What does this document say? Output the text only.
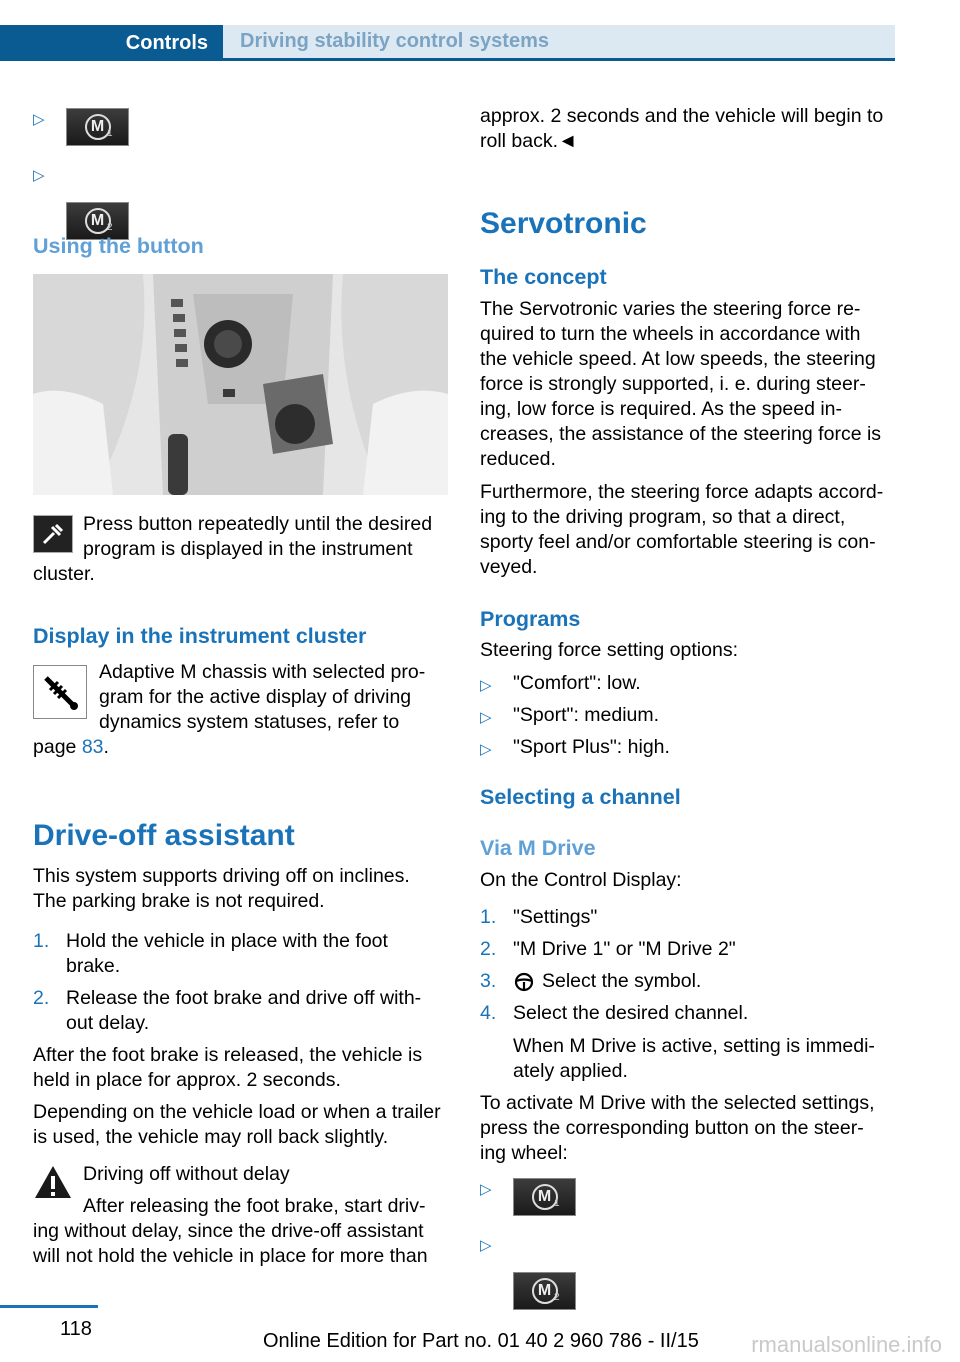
Controls	Driving stability control systems
▷	M 1
▷
M 2

Using the button

Press button repeatedly until the desired

program is displayed in the instrument

cluster.

Display in the instrument cluster

Adaptive M chassis with selected pro‐

gram for the active display of driving

dynamics system statuses, refer to

page 83.

Drive-off assistant

This system supports driving off on inclines.

The parking brake is not required.

1. Hold the vehicle in place with the foot

brake.

2. Release the foot brake and drive off with‐

out delay.

After the foot brake is released, the vehicle is

held in place for approx. 2 seconds.

Depending on the vehicle load or when a trailer

is used, the vehicle may roll back slightly.

Driving off without delay

After releasing the foot brake, start driv‐

ing without delay, since the drive-off assistant

will not hold the vehicle in place for more than

approx. 2 seconds and the vehicle will begin to

roll back.◄

Servotronic

The concept

The Servotronic varies the steering force re‐

quired to turn the wheels in accordance with

the vehicle speed. At low speeds, the steering

force is strongly supported, i. e. during steer‐

ing, low force is required. As the speed in‐

creases, the assistance of the steering force is

reduced.

Furthermore, the steering force adapts accord‐

ing to the driving program, so that a direct,

sporty feel and/or comfortable steering is con‐

veyed.

Programs

Steering force setting options:

▷ "Comfort": low.

▷ "Sport": medium.

▷ "Sport Plus": high.

Selecting a channel

Via M Drive

On the Control Display:

1. "Settings"

2. "M Drive 1" or "M Drive 2"

3. Select the symbol.

4. Select the desired channel.

When M Drive is active, setting is immedi‐

ately applied.

To activate M Drive with the selected settings,

press the corresponding button on the steer‐

ing wheel:

▷	M 1
▷
M 2
118
Online Edition for Part no. 01 40 2 960 786 - II/15 rmanualsonline.info
